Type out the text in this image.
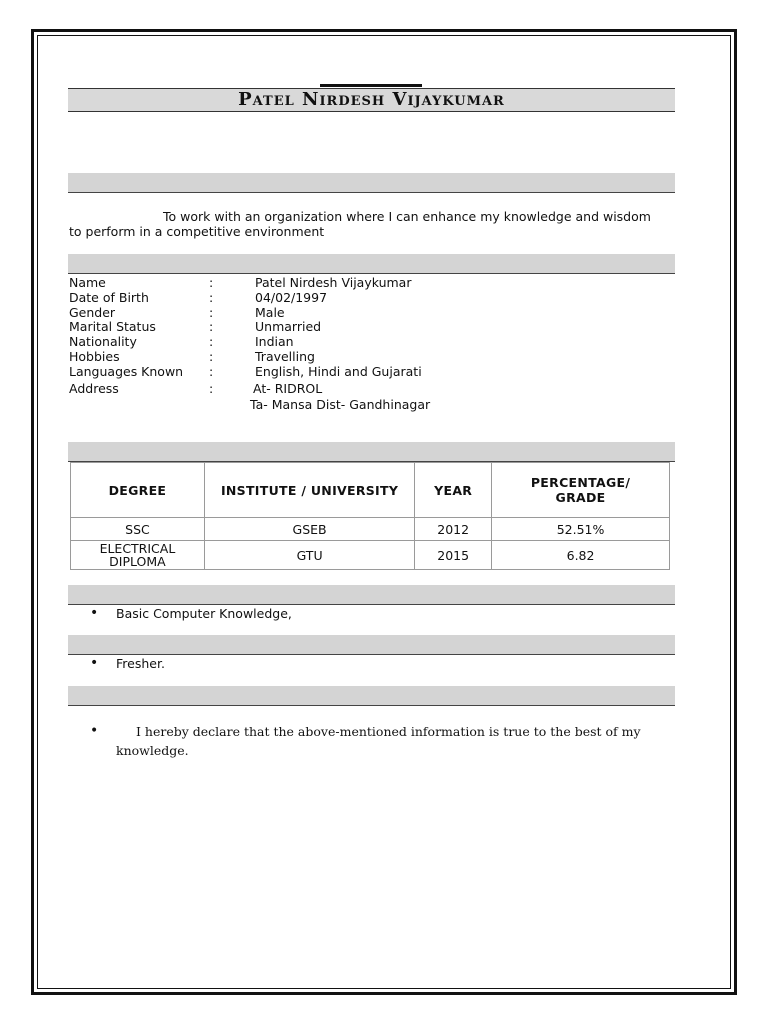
Patel Nirdesh Vijaykumar

To work with an organization where I can enhance my knowledge and wisdom

to perform in a competitive environment

Name	:	Patel Nirdesh Vijaykumar
Date of Birth	:	04/02/1997
Gender	:	Male
Marital Status	:	Unmarried
Nationality	:	Indian
Hobbies	:	Travelling
Languages Known :	English, Hindi and Gujarati
Address	:	At- RIDROL
Ta- Mansa Dist- Gandhinagar
DEGREE	INSTITUTE / UNIVERSITY	YEAR	PERCENTAGE/ GRADE
SSC	GSEB	2012	52.51%
ELECTRICAL DIPLOMA	GTU	2015	6.82
• Basic Computer Knowledge,
• Fresher.
•	I hereby declare that the above-mentioned information is true to the best of my knowledge.
